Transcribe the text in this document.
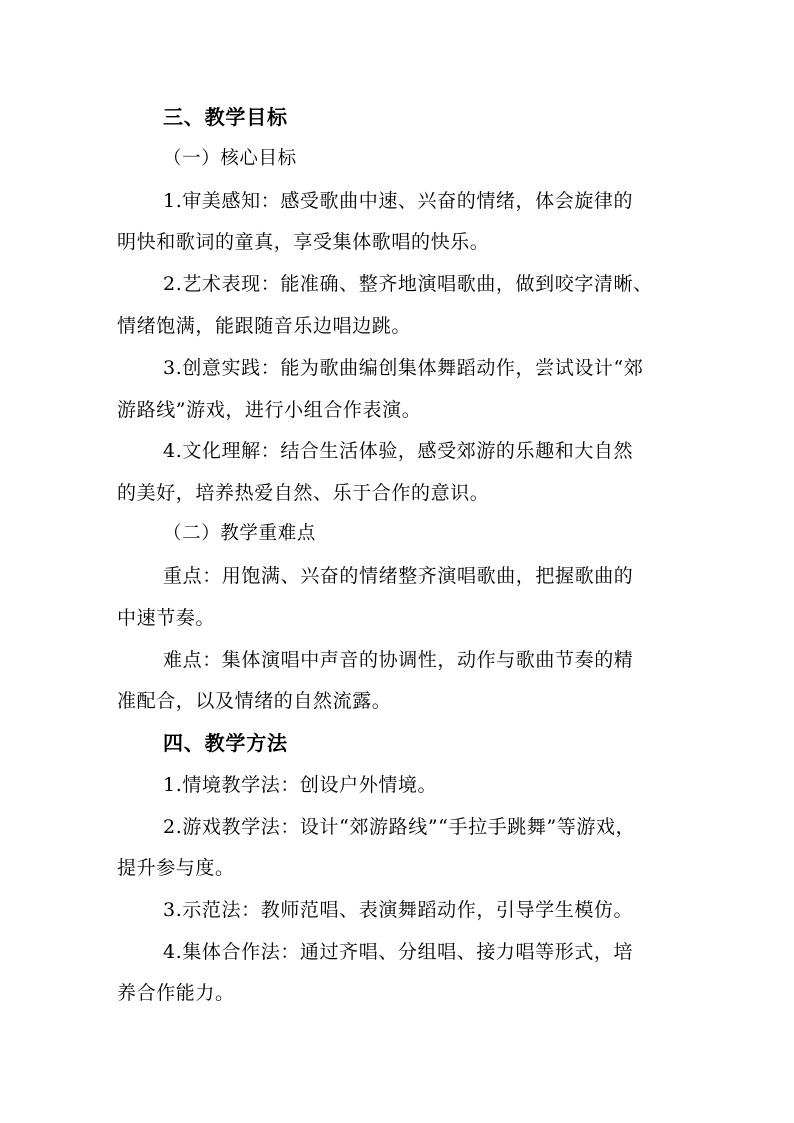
三、教学目标
（一）核心目标
1.审美感知：感受歌曲中速、兴奋的情绪，体会旋律的
明快和歌词的童真，享受集体歌唱的快乐。
2.艺术表现：能准确、整齐地演唱歌曲，做到咬字清晰、
情绪饱满，能跟随音乐边唱边跳。
3.创意实践：能为歌曲编创集体舞蹈动作，尝试设计“郊
游路线”游戏，进行小组合作表演。
4.文化理解：结合生活体验，感受郊游的乐趣和大自然
的美好，培养热爱自然、乐于合作的意识。
（二）教学重难点
重点：用饱满、兴奋的情绪整齐演唱歌曲，把握歌曲的
中速节奏。
难点：集体演唱中声音的协调性，动作与歌曲节奏的精
准配合，以及情绪的自然流露。
四、教学方法
1.情境教学法：创设户外情境。
2.游戏教学法：设计“郊游路线”“手拉手跳舞”等游戏，
提升参与度。
3.示范法：教师范唱、表演舞蹈动作，引导学生模仿。
4.集体合作法：通过齐唱、分组唱、接力唱等形式，培
养合作能力。
